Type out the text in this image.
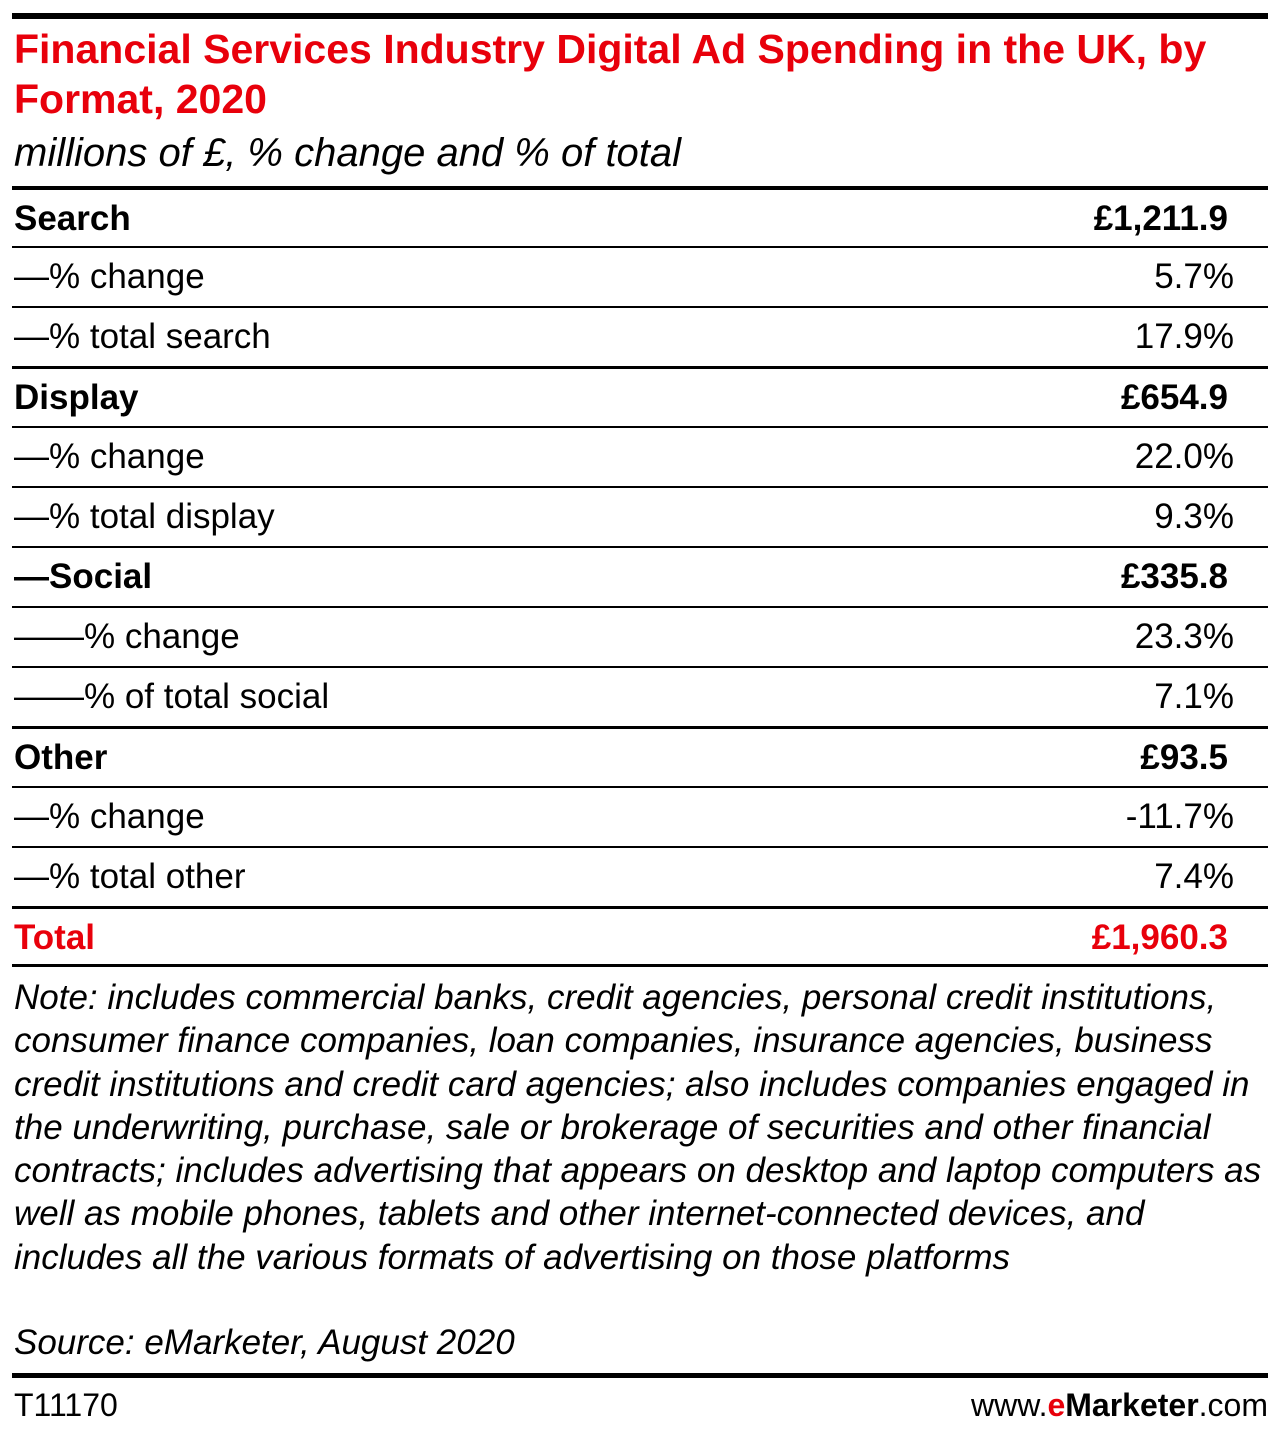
Financial Services Industry Digital Ad Spending in the UK, by Format, 2020

millions of £, % change and % of total

Search	£1,211.9
—% change	5.7%
—% total search	17.9%
Display	£654.9
—% change	22.0%
—% total display	9.3%
—Social	£335.8
——% change	23.3%
——% of total social	7.1%
Other	£93.5
—% change	-11.7%
—% total other	7.4%
Total	£1,960.3

Note: includes commercial banks, credit agencies, personal credit institutions, consumer finance companies, loan companies, insurance agencies, business credit institutions and credit card agencies; also includes companies engaged in the underwriting, purchase, sale or brokerage of securities and other financial contracts; includes advertising that appears on desktop and laptop computers as well as mobile phones, tablets and other internet-connected devices, and includes all the various formats of advertising on those platforms

Source: eMarketer, August 2020

T11170	www.eMarketer.com
